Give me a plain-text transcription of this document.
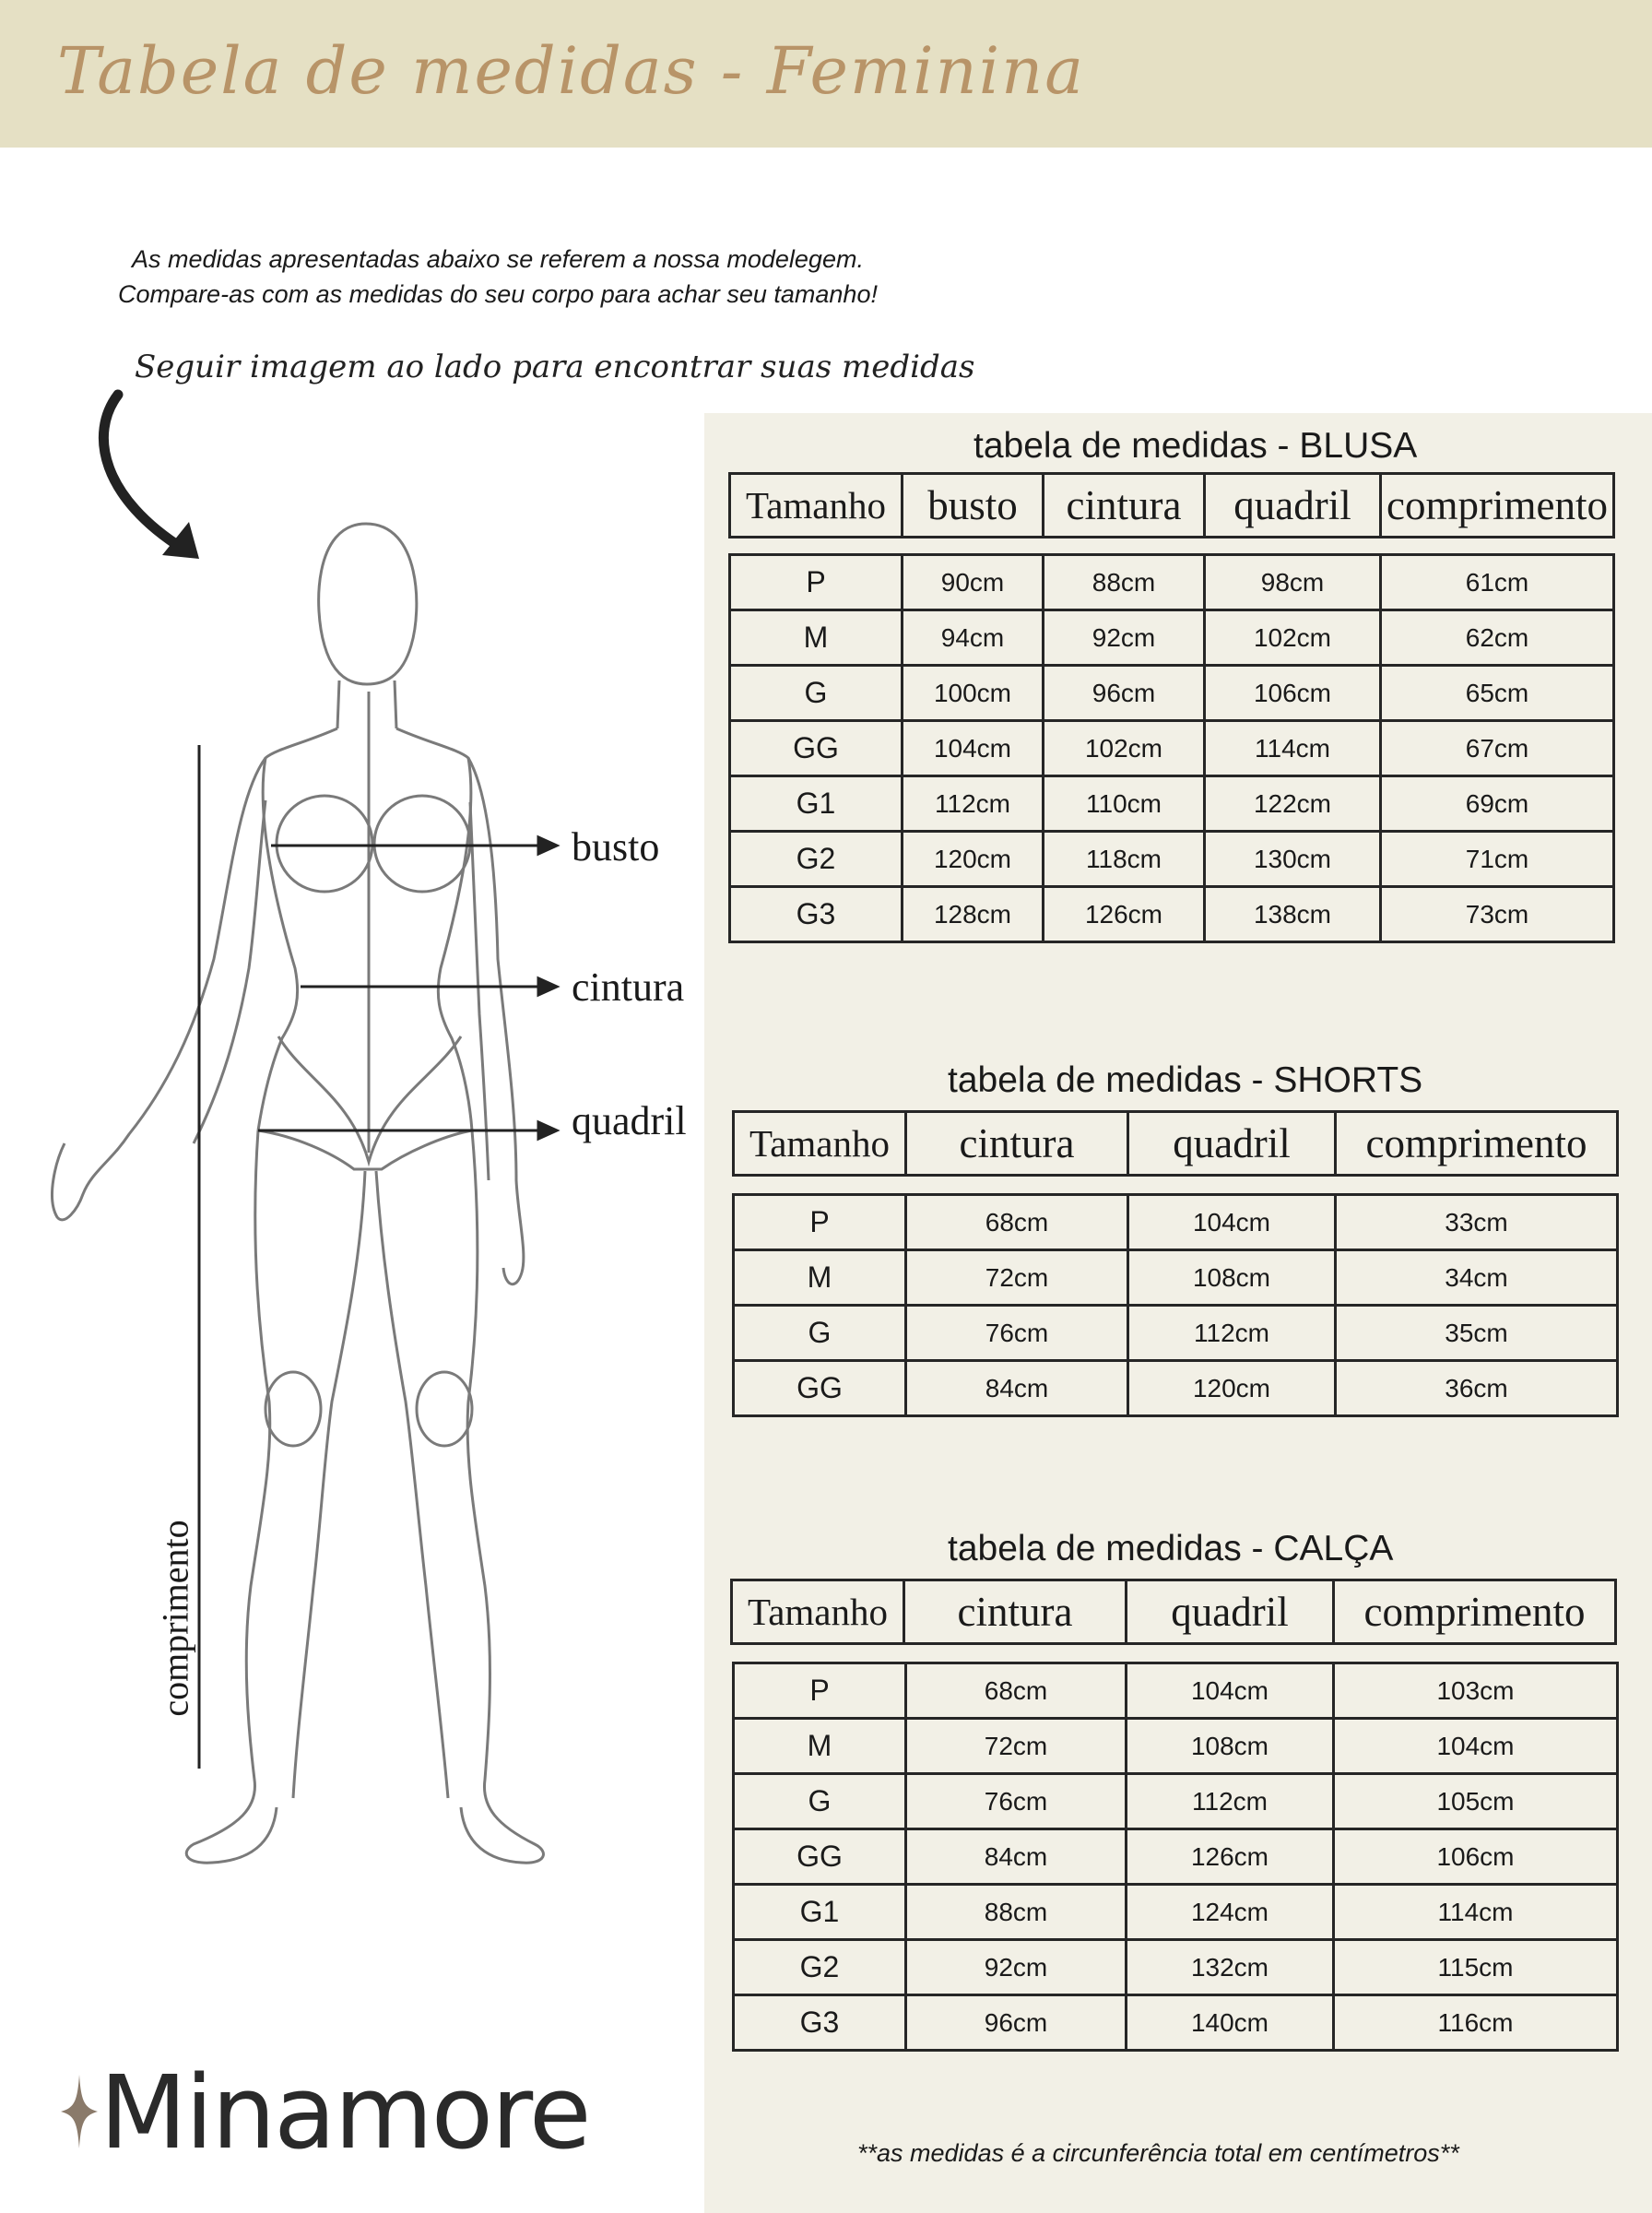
Tabela de medidas - Feminina
As medidas apresentadas abaixo se referem a nossa modelegem.
Compare-as com as medidas do seu corpo para achar seu tamanho!
Seguir imagem ao lado para encontrar suas medidas
busto
cintura
quadril
comprimento
tabela de medidas - BLUSA
Tamanho	busto	cintura	quadril	comprimento
P	90cm	88cm	98cm	61cm
M	94cm	92cm	102cm	62cm
G	100cm	96cm	106cm	65cm
GG	104cm	102cm	114cm	67cm
G1	112cm	110cm	122cm	69cm
G2	120cm	118cm	130cm	71cm
G3	128cm	126cm	138cm	73cm
tabela de medidas - SHORTS
Tamanho	cintura	quadril	comprimento
P	68cm	104cm	33cm
M	72cm	108cm	34cm
G	76cm	112cm	35cm
GG	84cm	120cm	36cm
tabela de medidas - CALÇA
Tamanho	cintura	quadril	comprimento
P	68cm	104cm	103cm
M	72cm	108cm	104cm
G	76cm	112cm	105cm
GG	84cm	126cm	106cm
G1	88cm	124cm	114cm
G2	92cm	132cm	115cm
G3	96cm	140cm	116cm
**as medidas é a circunferência total em centímetros**
Minamore
